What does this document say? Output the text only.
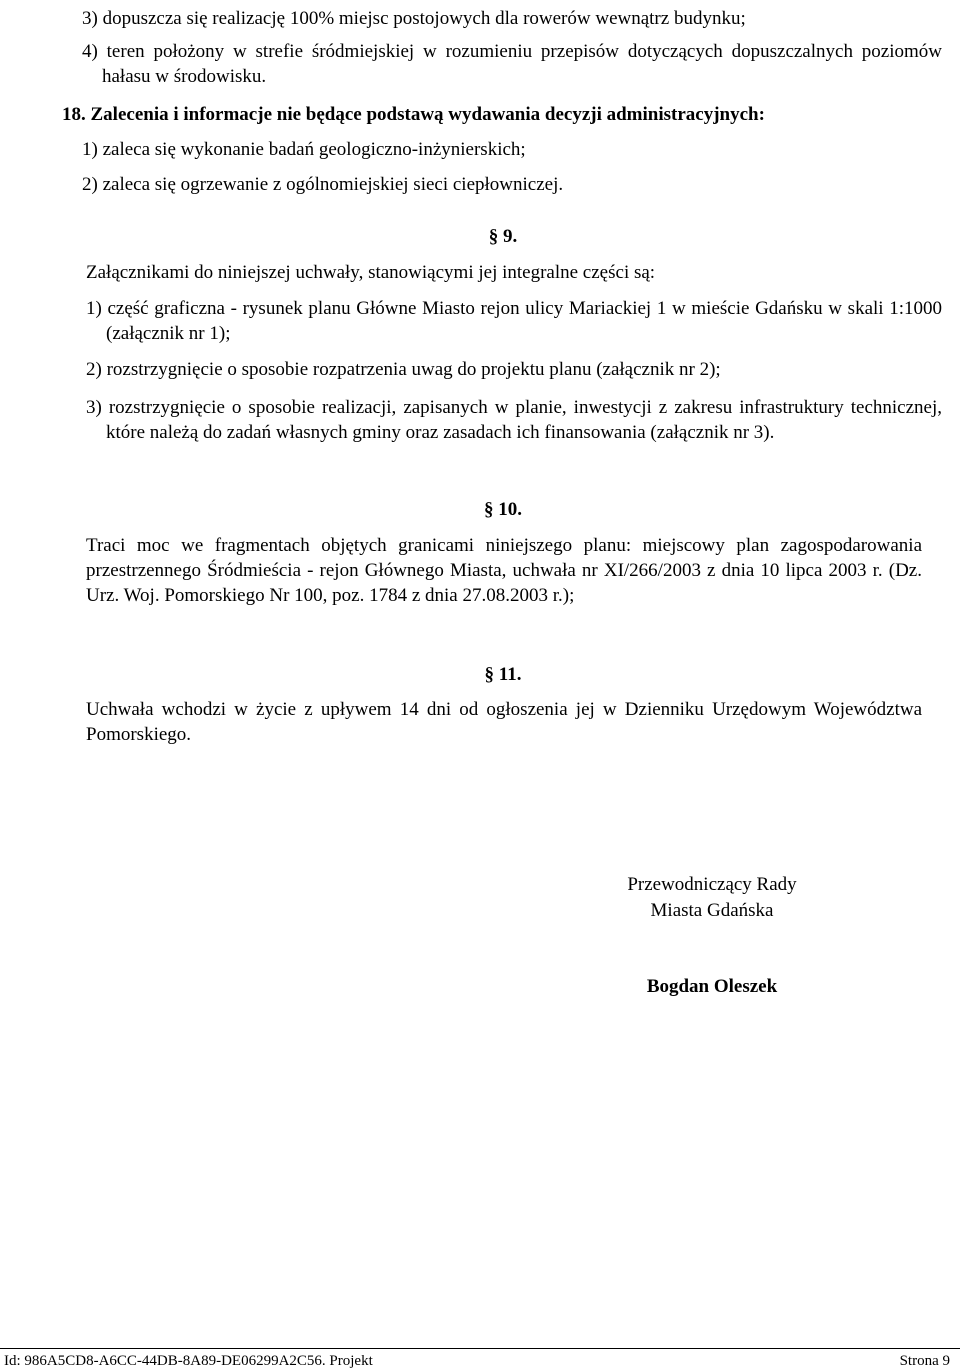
3) dopuszcza się realizację 100% miejsc postojowych dla rowerów wewnątrz budynku;

4) teren położony w strefie śródmiejskiej w rozumieniu przepisów dotyczących dopuszczalnych poziomów hałasu w środowisku.

18. Zalecenia i informacje nie będące podstawą wydawania decyzji administracyjnych:

1) zaleca się wykonanie badań geologiczno-inżynierskich;

2) zaleca się ogrzewanie z ogólnomiejskiej sieci ciepłowniczej.

§ 9.

Załącznikami do niniejszej uchwały, stanowiącymi jej integralne części są:

1) część graficzna - rysunek planu Główne Miasto rejon ulicy Mariackiej 1 w mieście Gdańsku w skali 1:1000 (załącznik nr 1);

2) rozstrzygnięcie o sposobie rozpatrzenia uwag do projektu planu (załącznik nr 2);

3) rozstrzygnięcie o sposobie realizacji, zapisanych w planie, inwestycji z zakresu infrastruktury technicznej, które należą do zadań własnych gminy oraz zasadach ich finansowania (załącznik nr 3).

§ 10.

Traci moc we fragmentach objętych granicami niniejszego planu: miejscowy plan zagospodarowania przestrzennego Śródmieścia - rejon Głównego Miasta, uchwała nr XI/266/2003 z dnia 10 lipca 2003 r. (Dz. Urz. Woj. Pomorskiego Nr 100, poz. 1784 z dnia 27.08.2003 r.);

§ 11.

Uchwała wchodzi w życie z upływem 14 dni od ogłoszenia jej w Dzienniku Urzędowym Województwa Pomorskiego.

Przewodniczący Rady

Miasta Gdańska

Bogdan Oleszek

Id: 986A5CD8-A6CC-44DB-8A89-DE06299A2C56. Projekt	Strona 9
